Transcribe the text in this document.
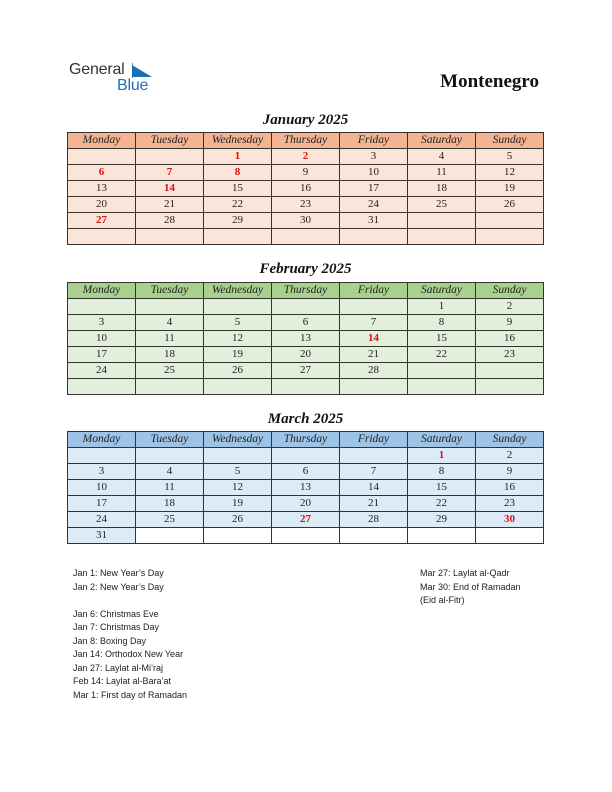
General
Blue	Montenegro
January 2025
Monday	Tuesday	Wednesday	Thursday	Friday	Saturday	Sunday
		1	2	3	4	5
6	7	8	9	10	11	12
13	14	15	16	17	18	19
20	21	22	23	24	25	26
27	28	29	30	31		

February 2025
Monday	Tuesday	Wednesday	Thursday	Friday	Saturday	Sunday
					1	2
3	4	5	6	7	8	9
10	11	12	13	14	15	16
17	18	19	20	21	22	23
24	25	26	27	28		

March 2025
Monday	Tuesday	Wednesday	Thursday	Friday	Saturday	Sunday
					1	2
3	4	5	6	7	8	9
10	11	12	13	14	15	16
17	18	19	20	21	22	23
24	25	26	27	28	29	30
31						
Jan 1: New Year’s Day
Jan 2: New Year’s Day
Jan 6: Christmas Eve
Jan 7: Christmas Day
Jan 8: Boxing Day
Jan 14: Orthodox New Year
Jan 27: Laylat al-Mi’raj
Feb 14: Laylat al-Bara’at
Mar 1: First day of Ramadan
Mar 27: Laylat al-Qadr
Mar 30: End of Ramadan
(Eid al-Fitr)
